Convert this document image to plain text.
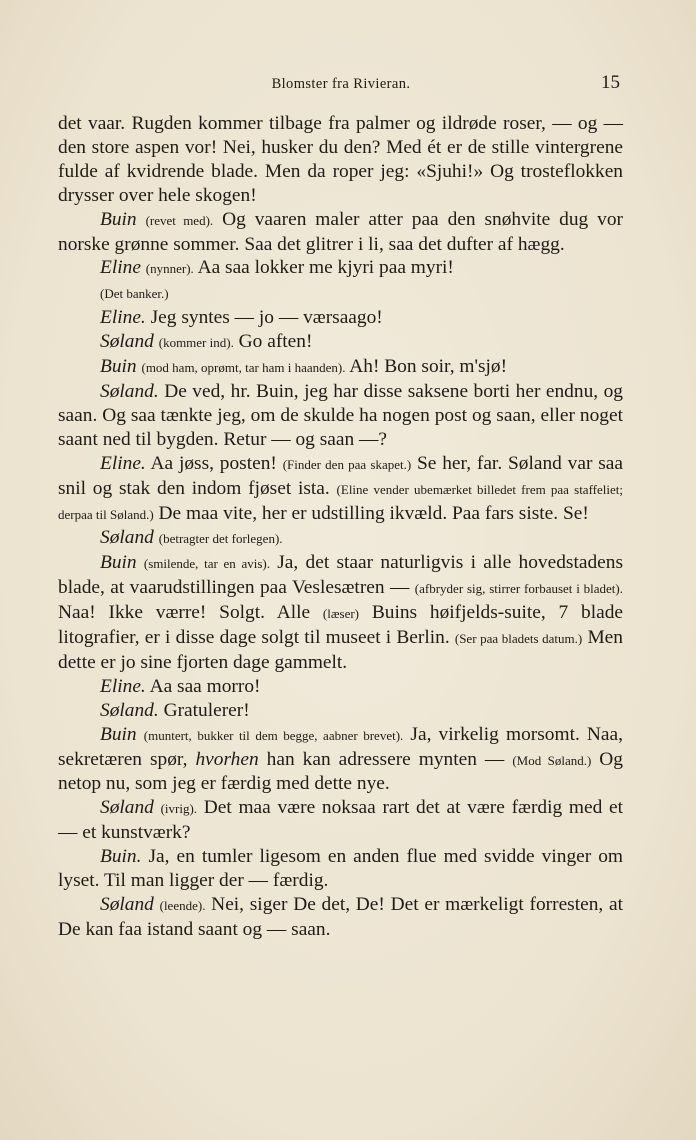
Blomster fra Rivieran.	15

det vaar. Rugden kommer tilbage fra palmer og ildrøde roser, — og — den store aspen vor! Nei, husker du den? Med ét er de stille vintergrene fulde af kvidrende blade. Men da roper jeg: «Sjuhi!» Og trosteflokken drysser over hele skogen!

Buin (revet med). Og vaaren maler atter paa den snøhvite dug vor norske grønne sommer. Saa det glitrer i li, saa det dufter af hægg.

Eline (nynner). Aa saa lokker me kjyri paa myri!

(Det banker.)

Eline. Jeg syntes — jo — værsaago!

Søland (kommer ind). Go aften!

Buin (mod ham, oprømt, tar ham i haanden). Ah! Bon soir, m'sjø!

Søland. De ved, hr. Buin, jeg har disse saksene borti her endnu, og saan. Og saa tænkte jeg, om de skulde ha nogen post og saan, eller noget saant ned til bygden. Retur — og saan —?

Eline. Aa jøss, posten! (Finder den paa skapet.) Se her, far. Søland var saa snil og stak den indom fjøset ista. (Eline vender ubemærket billedet frem paa staffeliet; derpaa til Søland.) De maa vite, her er udstilling ikvæld. Paa fars siste. Se!

Søland (betragter det forlegen).

Buin (smilende, tar en avis). Ja, det staar naturligvis i alle hovedstadens blade, at vaarudstillingen paa Veslesætren — (afbryder sig, stirrer forbauset i bladet). Naa! Ikke værre! Solgt. Alle (læser) Buins høifjelds-suite, 7 blade litografier, er i disse dage solgt til museet i Berlin. (Ser paa bladets datum.) Men dette er jo sine fjorten dage gammelt.

Eline. Aa saa morro!

Søland. Gratulerer!

Buin (muntert, bukker til dem begge, aabner brevet). Ja, virkelig morsomt. Naa, sekretæren spør, hvorhen han kan adressere mynten — (Mod Søland.) Og netop nu, som jeg er færdig med dette nye.

Søland (ivrig). Det maa være noksaa rart det at være færdig med et — et kunstværk?

Buin. Ja, en tumler ligesom en anden flue med svidde vinger om lyset. Til man ligger der — færdig.

Søland (leende). Nei, siger De det, De! Det er mærkeligt forresten, at De kan faa istand saant og — saan.
